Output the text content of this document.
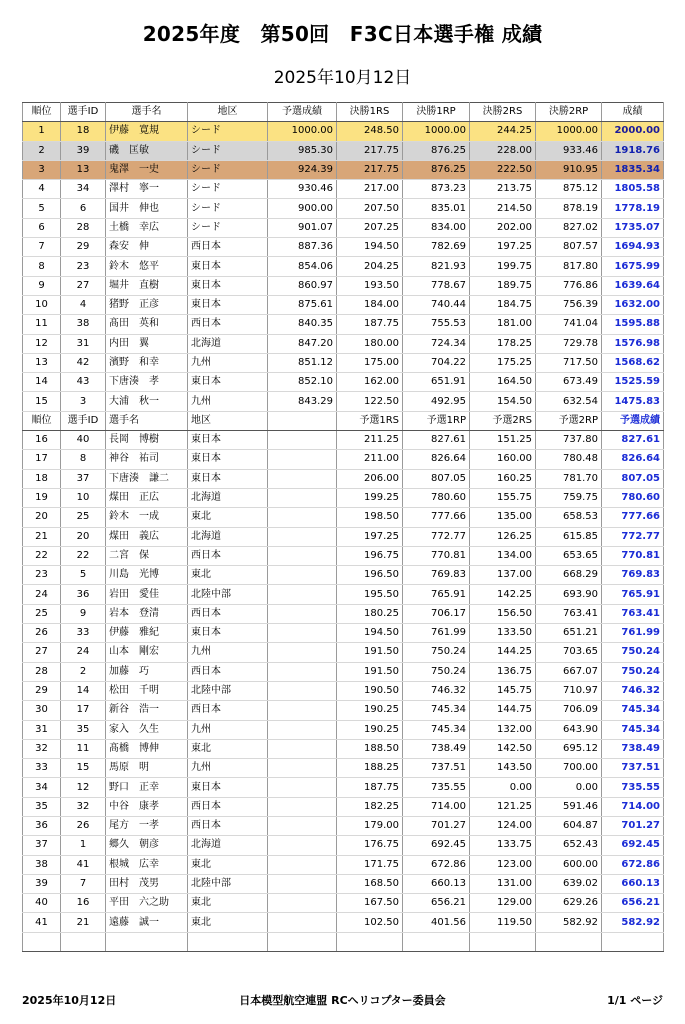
2025年度　第50回　F3C日本選手権 成績
2025年10月12日
順位	選手ID	選手名	地区	予選成績	決勝1RS	決勝1RP	決勝2RS	決勝2RP	成績
1	18	伊藤　寛規	シード	1000.00	248.50	1000.00	244.25	1000.00	2000.00
2	39	磯　匡敏	シード	985.30	217.75	876.25	228.00	933.46	1918.76
3	13	鬼澤　一史	シード	924.39	217.75	876.25	222.50	910.95	1835.34
4	34	澤村　寧一	シード	930.46	217.00	873.23	213.75	875.12	1805.58
5	6	国井　伸也	シード	900.00	207.50	835.01	214.50	878.19	1778.19
6	28	土橋　幸広	シード	901.07	207.25	834.00	202.00	827.02	1735.07
7	29	森安　伸	西日本	887.36	194.50	782.69	197.25	807.57	1694.93
8	23	鈴木　悠平	東日本	854.06	204.25	821.93	199.75	817.80	1675.99
9	27	堀井　直樹	東日本	860.97	193.50	778.67	189.75	776.86	1639.64
10	4	猪野　正彦	東日本	875.61	184.00	740.44	184.75	756.39	1632.00
11	38	髙田　英和	西日本	840.35	187.75	755.53	181.00	741.04	1595.88
12	31	内田　翼	北海道	847.20	180.00	724.34	178.25	729.78	1576.98
13	42	濱野　和幸	九州	851.12	175.00	704.22	175.25	717.50	1568.62
14	43	下唐湊　孝	東日本	852.10	162.00	651.91	164.50	673.49	1525.59
15	3	大浦　秋一	九州	843.29	122.50	492.95	154.50	632.54	1475.83
順位	選手ID	選手名	地区		予選1RS	予選1RP	予選2RS	予選2RP	予選成績
16	40	長岡　博樹	東日本		211.25	827.61	151.25	737.80	827.61
17	8	神谷　祐司	東日本		211.00	826.64	160.00	780.48	826.64
18	37	下唐湊　謙二	東日本		206.00	807.05	160.25	781.70	807.05
19	10	煤田　正広	北海道		199.25	780.60	155.75	759.75	780.60
20	25	鈴木　一成	東北		198.50	777.66	135.00	658.53	777.66
21	20	煤田　義広	北海道		197.25	772.77	126.25	615.85	772.77
22	22	二宮　保	西日本		196.75	770.81	134.00	653.65	770.81
23	5	川島　光博	東北		196.50	769.83	137.00	668.29	769.83
24	36	岩田　愛佳	北陸中部		195.50	765.91	142.25	693.90	765.91
25	9	岩本　登清	西日本		180.25	706.17	156.50	763.41	763.41
26	33	伊藤　雅紀	東日本		194.50	761.99	133.50	651.21	761.99
27	24	山本　剛宏	九州		191.50	750.24	144.25	703.65	750.24
28	2	加藤　巧	西日本		191.50	750.24	136.75	667.07	750.24
29	14	松田　千明	北陸中部		190.50	746.32	145.75	710.97	746.32
30	17	新谷　浩一	西日本		190.25	745.34	144.75	706.09	745.34
31	35	家入　久生	九州		190.25	745.34	132.00	643.90	745.34
32	11	髙橋　博伸	東北		188.50	738.49	142.50	695.12	738.49
33	15	馬原　明	九州		188.25	737.51	143.50	700.00	737.51
34	12	野口　正幸	東日本		187.75	735.55	0.00	0.00	735.55
35	32	中谷　康孝	西日本		182.25	714.00	121.25	591.46	714.00
36	26	尾方　一孝	西日本		179.00	701.27	124.00	604.87	701.27
37	1	郷久　朝彦	北海道		176.75	692.45	133.75	652.43	692.45
38	41	根城　広幸	東北		171.75	672.86	123.00	600.00	672.86
39	7	田村　茂男	北陸中部		168.50	660.13	131.00	639.02	660.13
40	16	平田　六之助	東北		167.50	656.21	129.00	629.26	656.21
41	21	遠藤　誠一	東北		102.50	401.56	119.50	582.92	582.92

2025年10月12日	日本模型航空連盟 RCヘリコプター委員会	1/1 ページ
